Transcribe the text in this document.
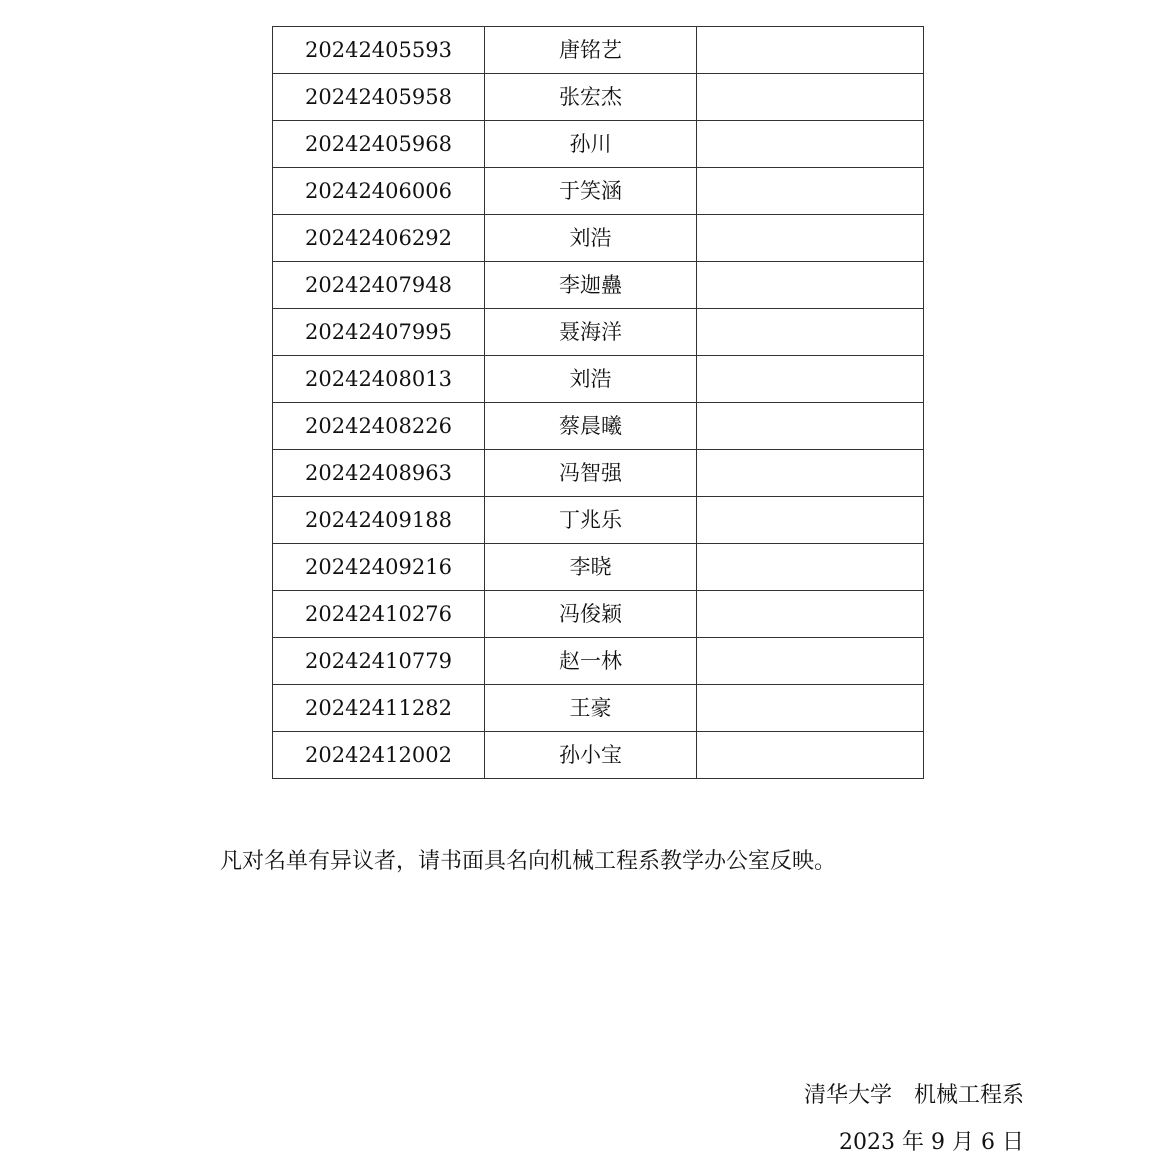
20242405593	唐铭艺	
20242405958	张宏杰	
20242405968	孙川	
20242406006	于笑涵	
20242406292	刘浩	
20242407948	李迦蠱	
20242407995	聂海洋	
20242408013	刘浩	
20242408226	蔡晨曦	
20242408963	冯智强	
20242409188	丁兆乐	
20242409216	李晓	
20242410276	冯俊颖	
20242410779	赵一林	
20242411282	王豪	
20242412002	孙小宝	
凡对名单有异议者，请书面具名向机械工程系教学办公室反映。
清华大学　机械工程系
2023 年 9 月 6 日
